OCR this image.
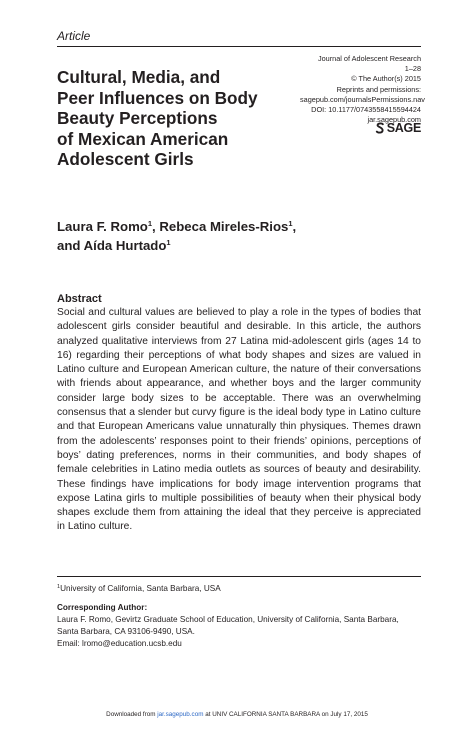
Article
Cultural, Media, and
Peer Influences on Body
Beauty Perceptions
of Mexican American
Adolescent Girls
Journal of Adolescent Research
1–28
© The Author(s) 2015
Reprints and permissions:
sagepub.com/journalsPermissions.nav
DOI: 10.1177/0743558415594424
jar.sagepub.com
SAGE
Laura F. Romo$^1$, Rebeca Mireles-Rios$^1$,
and Aída Hurtado$^1$
Abstract
Social and cultural values are believed to play a role in the types of bodies that adolescent girls consider beautiful and desirable. In this article, the authors analyzed qualitative interviews from 27 Latina mid-adolescent girls (ages 14 to 16) regarding their perceptions of what body shapes and sizes are valued in Latino culture and European American culture, the nature of their conversations with friends about appearance, and whether boys and the larger community consider large body sizes to be acceptable. There was an overwhelming consensus that a slender but curvy figure is the ideal body type in Latino culture and that European Americans value unnaturally thin physiques. Themes drawn from the adolescents’ responses point to their friends’ opinions, perceptions of boys’ dating preferences, norms in their communities, and body shapes of female celebrities in Latino media outlets as sources of beauty and desirability. These findings have implications for body image intervention programs that expose Latina girls to multiple possibilities of beauty when their physical body shapes exclude them from attaining the ideal that they perceive is appreciated in Latino culture.
$^1$University of California, Santa Barbara, USA
Corresponding Author:
Laura F. Romo, Gevirtz Graduate School of Education, University of California, Santa Barbara,
Santa Barbara, CA 93106-9490, USA.
Email: lromo@education.ucsb.edu
Downloaded from jar.sagepub.com at UNIV CALIFORNIA SANTA BARBARA on July 17, 2015
